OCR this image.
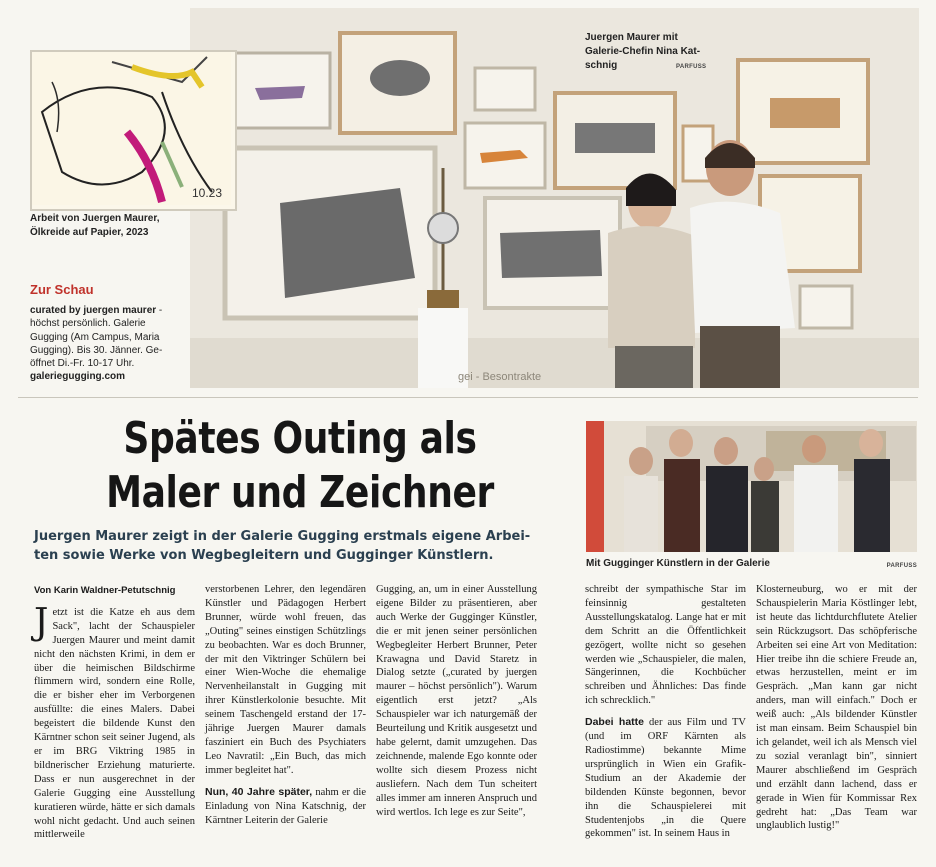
gei - Besontrakte
Juergen Maurer mit
Galerie-Chefin Nina Kat-
schnig	PARFUSS
10.23
Arbeit von Juergen Maurer,
Ölkreide auf Papier, 2023
Zur Schau
curated by juergen maurer -
höchst persönlich. Galerie
Gugging (Am Campus, Maria
Gugging). Bis 30. Jänner. Ge-
öffnet Di.-Fr. 10-17 Uhr.
galeriegugging.com
Spätes Outing als
Maler und Zeichner
Juergen Maurer zeigt in der Galerie Gugging erstmals eigene Arbei-
ten sowie Werke von Wegbegleitern und Gugginger Künstlern.
Mit Gugginger Künstlern in der Galerie	PARFUSS

Von Karin Waldner-Petutschnig

Jetzt ist die Katze eh aus dem Sack", lacht der Schauspieler Juergen Maurer und meint damit nicht den nächsten Krimi, in dem er über die heimischen Bildschirme flimmern wird, sondern eine Rolle, die er bisher eher im Verborgenen ausfüllte: die eines Malers. Dabei begeistert die bildende Kunst den Kärntner schon seit seiner Jugend, als er im BRG Viktring 1985 in bildnerischer Erziehung maturierte. Dass er nun ausgerechnet in der Galerie Gugging eine Ausstellung kuratieren würde, hätte er sich damals wohl nicht gedacht. Und auch seinen mittlerweile

verstorbenen Lehrer, den legendären Künstler und Pädagogen Herbert Brunner, würde wohl freuen, das „Outing" seines einstigen Schützlings zu beobachten. War es doch Brunner, der mit den Viktringer Schülern bei einer Wien-Woche die ehemalige Nervenheilanstalt in Gugging mit ihrer Künstlerkolonie besuchte. Mit seinem Taschengeld erstand der 17-jährige Juergen Maurer damals fasziniert ein Buch des Psychiaters Leo Navratil: „Ein Buch, das mich immer begleitet hat".

Nun, 40 Jahre später, nahm er die Einladung von Nina Katschnig, der Kärntner Leiterin der Galerie

Gugging, an, um in einer Ausstellung eigene Bilder zu präsentieren, aber auch Werke der Gugginger Künstler, die er mit jenen seiner persönlichen Wegbegleiter Herbert Brunner, Peter Krawagna und David Staretz in Dialog setzte („curated by juergen maurer – höchst persönlich"). Warum eigentlich erst jetzt? „Als Schauspieler war ich naturgemäß der Beurteilung und Kritik ausgesetzt und habe gelernt, damit umzugehen. Das zeichnende, malende Ego konnte oder wollte sich diesem Prozess nicht ausliefern. Nach dem Tun scheitert alles immer am inneren Anspruch und wird wertlos. Ich lege es zur Seite",

schreibt der sympathische Star im feinsinnig gestalteten Ausstellungskatalog. Lange hat er mit dem Schritt an die Öffentlichkeit gezögert, wollte nicht so gesehen werden wie „Schauspieler, die malen, Sängerinnen, die Kochbücher schreiben und Ähnliches: Das finde ich schrecklich."

Dabei hatte der aus Film und TV (und im ORF Kärnten als Radiostimme) bekannte Mime ursprünglich in Wien ein Grafik-Studium an der Akademie der bildenden Künste begonnen, bevor ihn die Schauspielerei mit Studentenjobs „in die Quere gekommen" ist. In seinem Haus in

Klosterneuburg, wo er mit der Schauspielerin Maria Köstlinger lebt, ist heute das lichtdurchflutete Atelier sein Rückzugsort. Das schöpferische Arbeiten sei eine Art von Meditation: Hier treibe ihn die schiere Freude an, etwas herzustellen, meint er im Gespräch. „Man kann gar nicht anders, man will einfach." Doch er weiß auch: „Als bildender Künstler ist man einsam. Beim Schauspiel bin ich gelandet, weil ich als Mensch viel zu sozial veranlagt bin", sinniert Maurer abschließend im Gespräch und erzählt dann lachend, dass er gerade in Wien für Kommissar Rex gedreht hat: „Das Team war unglaublich lustig!"
